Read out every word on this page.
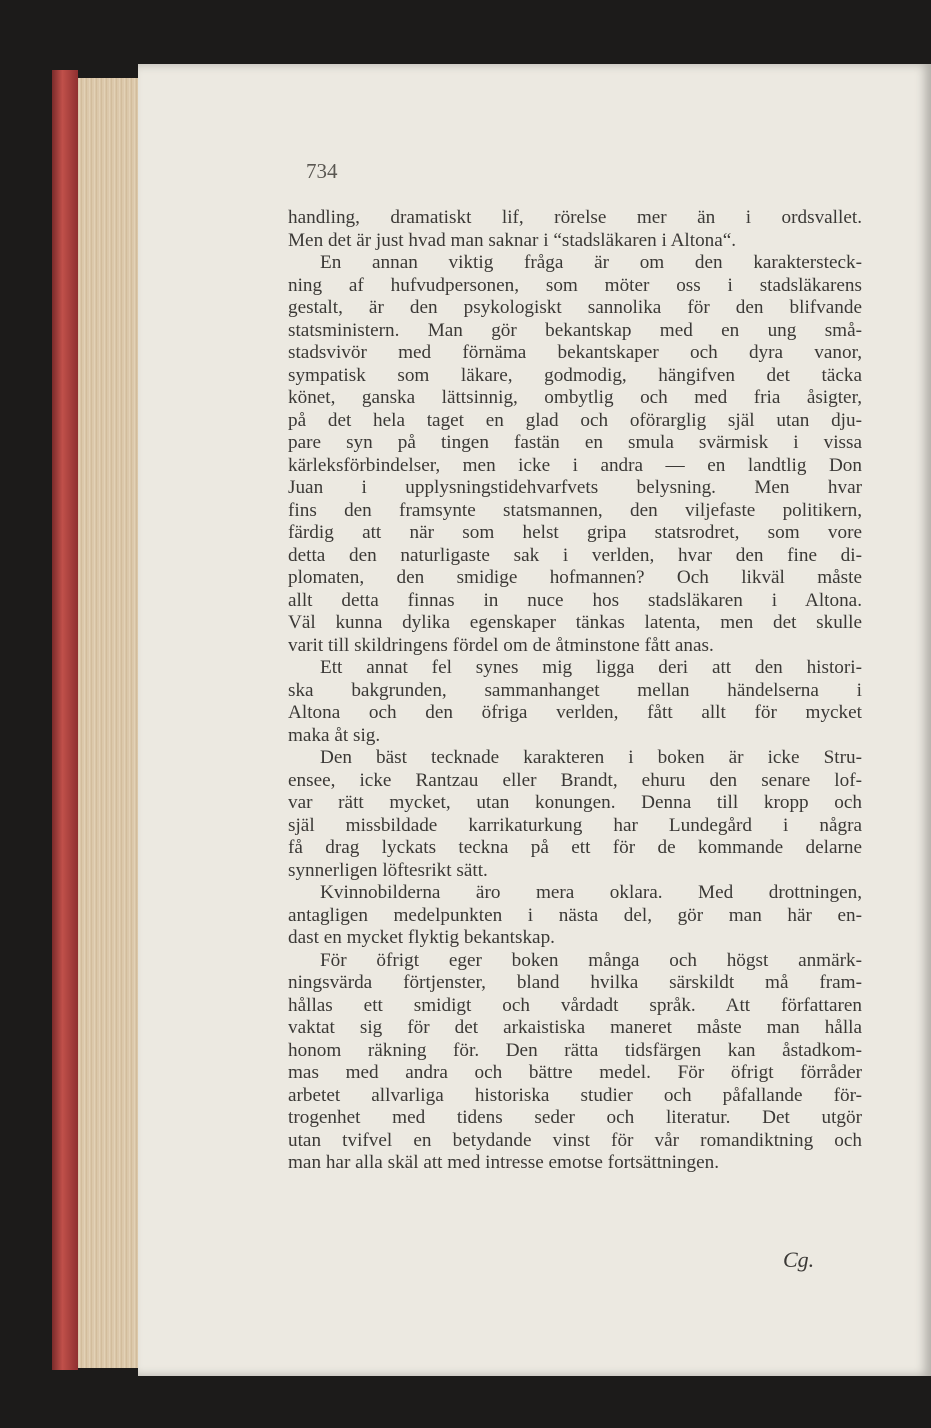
734
handling, dramatiskt lif, rörelse mer än i ordsvallet.
Men det är just hvad man saknar i “stadsläkaren i Altona“.
En annan viktig fråga är om den karaktersteck-
ning af hufvudpersonen, som möter oss i stadsläkarens
gestalt, är den psykologiskt sannolika för den blifvande
statsministern. Man gör bekantskap med en ung små-
stadsvivör med förnäma bekantskaper och dyra vanor,
sympatisk som läkare, godmodig, hängifven det täcka
könet, ganska lättsinnig, ombytlig och med fria åsigter,
på det hela taget en glad och oförarglig själ utan dju-
pare syn på tingen fastän en smula svärmisk i vissa
kärleksförbindelser, men icke i andra — en landtlig Don
Juan i upplysningstidehvarfvets belysning. Men hvar
fins den framsynte statsmannen, den viljefaste politikern,
färdig att när som helst gripa statsrodret, som vore
detta den naturligaste sak i verlden, hvar den fine di-
plomaten, den smidige hofmannen? Och likväl måste
allt detta finnas in nuce hos stadsläkaren i Altona.
Väl kunna dylika egenskaper tänkas latenta, men det skulle
varit till skildringens fördel om de åtminstone fått anas.
Ett annat fel synes mig ligga deri att den histori-
ska bakgrunden, sammanhanget mellan händelserna i
Altona och den öfriga verlden, fått allt för mycket
maka åt sig.
Den bäst tecknade karakteren i boken är icke Stru-
ensee, icke Rantzau eller Brandt, ehuru den senare lof-
var rätt mycket, utan konungen. Denna till kropp och
själ missbildade karrikaturkung har Lundegård i några
få drag lyckats teckna på ett för de kommande delarne
synnerligen löftesrikt sätt.
Kvinnobilderna äro mera oklara. Med drottningen,
antagligen medelpunkten i nästa del, gör man här en-
dast en mycket flyktig bekantskap.
För öfrigt eger boken många och högst anmärk-
ningsvärda förtjenster, bland hvilka särskildt må fram-
hållas ett smidigt och vårdadt språk. Att författaren
vaktat sig för det arkaistiska maneret måste man hålla
honom räkning för. Den rätta tidsfärgen kan åstadkom-
mas med andra och bättre medel. För öfrigt förråder
arbetet allvarliga historiska studier och påfallande för-
trogenhet med tidens seder och literatur. Det utgör
utan tvifvel en betydande vinst för vår romandiktning och
man har alla skäl att med intresse emotse fortsättningen.
Cg.
